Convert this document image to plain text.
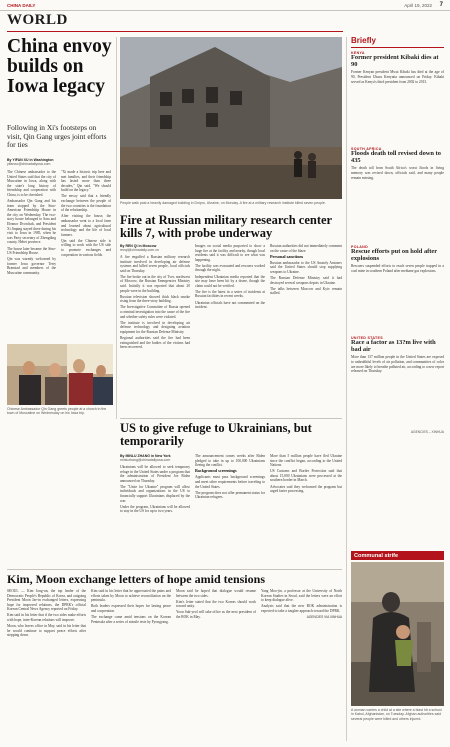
CHINA DAILY	April 19, 2022 7
WORLD
China envoy builds on Iowa legacy
Following in Xi's footsteps on visit, Qin Gang urges joint efforts for ties
By YIFAN XU in Washington
yifanxu@chinadailyusa.com

The Chinese ambassador to the United States said that the city of Muscatine in Iowa, along with the state's long history of friendship and cooperation with China, is to be cherished.

Ambassador Qin Gang and his team stopped by the Sino-American Friendship House in the city on Wednesday. The two-story house belonged to Sara and Eleanor Dvorchak, and President Xi Jinping stayed there during his visit to Iowa in 1985, when he was Party secretary of Zhengding county, Hebei province.

The house later became the Sino-US Friendship House.

Qin was warmly welcomed by former Iowa governor Terry Branstad and members of the Muscatine community.

"Xi made a historic trip here and met families, and their friendship has lasted more than three decades," Qin said. "We should build on the legacy."

The envoy said that a friendly exchange between the people of the two countries is the foundation of the relationship.

After visiting the house, the ambassador went to a local farm and learned about agricultural technology and the life of local farmers.

Qin said the Chinese side is willing to work with the US side to promote exchanges and cooperation in various fields.

Chinese Ambassador Qin Gang greets people at a church in the town of Muscatine on Wednesday on his Iowa trip.
People walk past a heavily damaged building in Dnipro, Ukraine, on Monday. A fire at a military research institute killed seven people.
Fire at Russian military research center kills 7, with probe underway
By REN QI in Moscow
renqi@chinadaily.com.cn

A fire engulfed a Russian military research institute involved in developing air defense systems and killed seven people, local officials said on Thursday.

The fire broke out in the city of Tver, northwest of Moscow, the Russian Emergencies Ministry said. Initially it was reported that about 20 people were in the building.

Russian television showed thick black smoke rising from the three-story building.

The Investigative Committee of Russia opened a criminal investigation into the cause of the fire and whether safety rules were violated.

The institute is involved in developing air defense technology and designing aviation equipment for the Russian Defense Ministry.

Regional authorities said the fire had been extinguished and the bodies of the victims had been recovered.

Images on social media purported to show a large fire at the facility and nearby, though local residents said it was difficult to see what was happening.

The facility was evacuated and rescuers worked through the night.

Independent Ukrainian media reported that the site may have been hit by a drone, though the claim could not be verified.

The fire is the latest in a series of incidents at Russian facilities in recent weeks.

Ukrainian officials have not commented on the incident.

Russian authorities did not immediately comment on the cause of the blaze.

Personal sanctions

Russian ambassador to the US Anatoly Antonov said the United States should stop supplying weapons to Ukraine.

The Russian Defense Ministry said it had destroyed several weapons depots in Ukraine.

The talks between Moscow and Kyiv remain stalled.

US to give refuge to Ukrainians, but temporarily
By MINLU ZHANG in New York
minluzhang@chinadailyusa.com

Ukrainians will be allowed to seek temporary refuge in the United States under a program that the administration of President Joe Biden announced on Thursday.

The "Unite for Ukraine" program will allow individuals and organizations in the US to financially support Ukrainians displaced by the war.

Under the program, Ukrainians will be allowed to stay in the US for up to two years.

The announcement comes weeks after Biden pledged to take in up to 100,000 Ukrainians fleeing the conflict.

Background screenings

Applicants must pass background screenings and meet other requirements before traveling to the United States.

The program does not offer permanent status for Ukrainian refugees.

More than 5 million people have fled Ukraine since the conflict began, according to the United Nations.

US Customs and Border Protection said that about 15,000 Ukrainians were processed at the southern border in March.

Advocates said they welcomed the program but urged faster processing.

Kim, Moon exchange letters of hope amid tensions

SEOUL — Kim Jong-un, the top leader of the Democratic People's Republic of Korea, and outgoing President Moon Jae-in exchanged letters, expressing hope for improved relations, the DPRK's official Korean Central News Agency reported on Friday.

Kim said in his letter that if the two sides make efforts with hope, inter-Korean relations will improve.

Moon, who leaves office in May, said in his letter that he would continue to support peace efforts after stepping down.

Kim said in his letter that he appreciated the pains and efforts taken by Moon to achieve reconciliation on the peninsula.

Both leaders expressed their hopes for lasting peace and cooperation.

The exchange came amid tensions on the Korean Peninsula after a series of missile tests by Pyongyang.

Moon said he hoped that dialogue would resume between the two sides.

Kim's letter stated that the two Koreas should work toward unity.

Yoon Suk-yeol will take office as the next president of the ROK in May.

Yang Moo-jin, a professor at the University of North Korean Studies in Seoul, said the letters were an effort to keep dialogue alive.

Analysts said that the new ROK administration is expected to take a tougher approach toward the DPRK.

AGENCIES VIA XINHUA

Briefly
KENYA
Former president Kibaki dies at 90
Former Kenyan president Mwai Kibaki has died at the age of 90, President Uhuru Kenyatta announced on Friday. Kibaki served as Kenya's third president from 2002 to 2013.
SOUTH AFRICA
Floods death toll revised down to 435
The death toll from South Africa's worst floods in living memory was revised down, officials said, and many people remain missing.
POLAND
Rescue efforts put on hold after explosions
Rescuers suspended efforts to reach seven people trapped in a coal mine in southern Poland after methane gas explosions.
UNITED STATES
Race a factor as 13?m live with bad air
More than 137 million people in the United States are exposed to unhealthful levels of air pollution, and communities of color are more likely to breathe polluted air, according to a new report released on Thursday.
AGENCIES – XINHUA
Communal strife
A woman carries a child at a site where a blast hit a school in Kabul, Afghanistan, on Tuesday. Afghan authorities said several people were killed and others injured.
